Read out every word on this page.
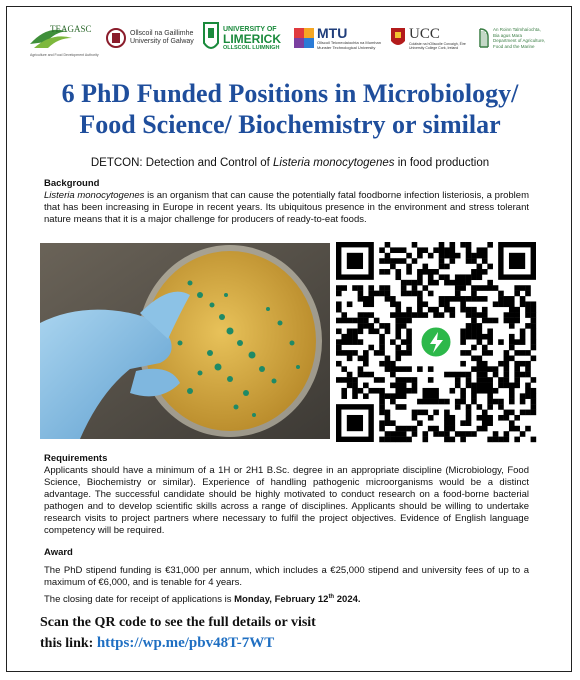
TEAGASC
Agriculture and Food Development Authority
Ollscoil na Gaillimhe
University of Galway
UNIVERSITY OF
LIMERICK
OLLSCOIL LUIMNIGH
MTU
Ollscoil Teicneolaíochta na Mumhan
Munster Technological University
UCC
Coláiste na hOllscoile Corcaigh, Éire
University College Cork, Ireland
An Roinn Talmhaíochta,
Bia agus Mara
Department of Agriculture,
Food and the Marine
6 PhD Funded Positions in Microbiology/
Food Science/ Biochemistry or similar
DETCON: Detection and Control of Listeria monocytogenes in food production
Background
Listeria monocytogenes is an organism that can cause the potentially fatal foodborne infection listeriosis, a problem that has been increasing in Europe in recent years. Its ubiquitous presence in the environment and stress tolerant nature means that it is a major challenge for producers of ready-to-eat foods.
Requirements
Applicants should have a minimum of a 1H or 2H1 B.Sc. degree in an appropriate discipline (Microbiology, Food Science, Biochemistry or similar). Experience of handling pathogenic microorganisms would be a distinct advantage. The successful candidate should be highly motivated to conduct research on a food-borne bacterial pathogen and to develop scientific skills across a range of disciplines. Applicants should be willing to undertake research visits to project partners where necessary to fulfil the project objectives. Evidence of English language competency will be required.
Award
The PhD stipend funding is €31,000 per annum, which includes a €25,000 stipend and university fees of up to a maximum of €6,000, and is tenable for 4 years.
The closing date for receipt of applications is Monday, February 12th 2024.
Scan the QR code to see the full details or visit
this link: https://wp.me/pbv48T-7WT
